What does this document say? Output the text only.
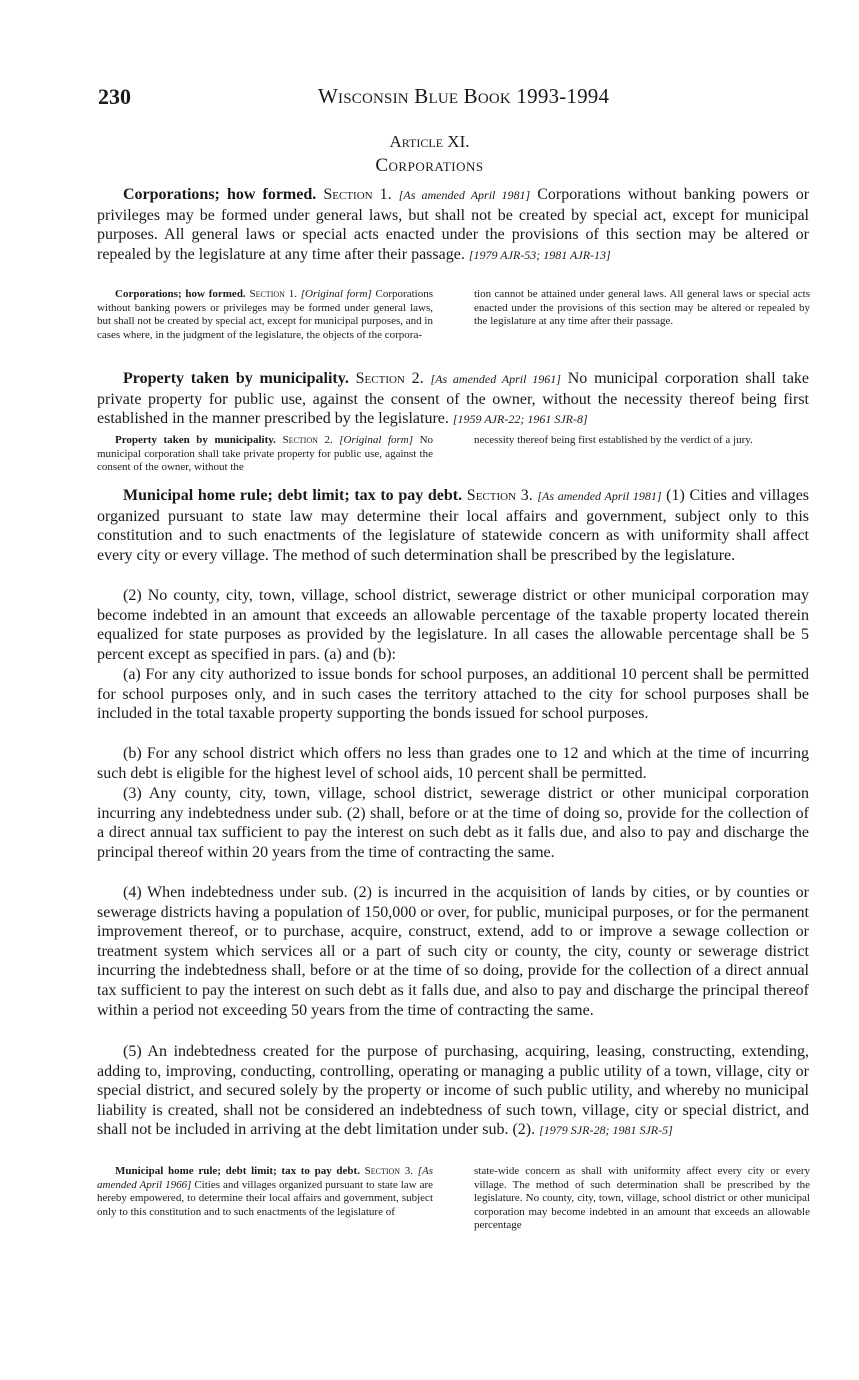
230	Wisconsin Blue Book 1993-1994
Article XI.
Corporations

Corporations; how formed. Section 1. [As amended April 1981] Corporations without banking powers or privileges may be formed under general laws, but shall not be created by special act, except for municipal purposes. All general laws or special acts enacted under the provisions of this section may be altered or repealed by the legislature at any time after their passage. [1979 AJR-53; 1981 AJR-13]

Corporations; how formed. Section 1. [Original form] Corporations without banking powers or privileges may be formed under general laws, but shall not be created by special act, except for municipal purposes, and in cases where, in the judgment of the legislature, the objects of the corpora-

tion cannot be attained under general laws. All general laws or special acts enacted under the provisions of this section may be altered or repealed by the legislature at any time after their passage.

Property taken by municipality. Section 2. [As amended April 1961] No municipal corporation shall take private property for public use, against the consent of the owner, without the necessity thereof being first established in the manner prescribed by the legislature. [1959 AJR-22; 1961 SJR-8]

Property taken by municipality. Section 2. [Original form] No municipal corporation shall take private property for public use, against the consent of the owner, without the

necessity thereof being first established by the verdict of a jury.

Municipal home rule; debt limit; tax to pay debt. Section 3. [As amended April 1981] (1) Cities and villages organized pursuant to state law may determine their local affairs and government, subject only to this constitution and to such enactments of the legislature of statewide concern as with uniformity shall affect every city or every village. The method of such determination shall be prescribed by the legislature.

(2) No county, city, town, village, school district, sewerage district or other municipal corporation may become indebted in an amount that exceeds an allowable percentage of the taxable property located therein equalized for state purposes as provided by the legislature. In all cases the allowable percentage shall be 5 percent except as specified in pars. (a) and (b):

(a) For any city authorized to issue bonds for school purposes, an additional 10 percent shall be permitted for school purposes only, and in such cases the territory attached to the city for school purposes shall be included in the total taxable property supporting the bonds issued for school purposes.

(b) For any school district which offers no less than grades one to 12 and which at the time of incurring such debt is eligible for the highest level of school aids, 10 percent shall be permitted.

(3) Any county, city, town, village, school district, sewerage district or other municipal corporation incurring any indebtedness under sub. (2) shall, before or at the time of doing so, provide for the collection of a direct annual tax sufficient to pay the interest on such debt as it falls due, and also to pay and discharge the principal thereof within 20 years from the time of contracting the same.

(4) When indebtedness under sub. (2) is incurred in the acquisition of lands by cities, or by counties or sewerage districts having a population of 150,000 or over, for public, municipal purposes, or for the permanent improvement thereof, or to purchase, acquire, construct, extend, add to or improve a sewage collection or treatment system which services all or a part of such city or county, the city, county or sewerage district incurring the indebtedness shall, before or at the time of so doing, provide for the collection of a direct annual tax sufficient to pay the interest on such debt as it falls due, and also to pay and discharge the principal thereof within a period not exceeding 50 years from the time of contracting the same.

(5) An indebtedness created for the purpose of purchasing, acquiring, leasing, constructing, extending, adding to, improving, conducting, controlling, operating or managing a public utility of a town, village, city or special district, and secured solely by the property or income of such public utility, and whereby no municipal liability is created, shall not be considered an indebtedness of such town, village, city or special district, and shall not be included in arriving at the debt limitation under sub. (2). [1979 SJR-28; 1981 SJR-5]

Municipal home rule; debt limit; tax to pay debt. Section 3. [As amended April 1966] Cities and villages organized pursuant to state law are hereby empowered, to determine their local affairs and government, subject only to this constitution and to such enactments of the legislature of

state-wide concern as shall with uniformity affect every city or every village. The method of such determination shall be prescribed by the legislature. No county, city, town, village, school district or other municipal corporation may become indebted in an amount that exceeds an allowable percentage
